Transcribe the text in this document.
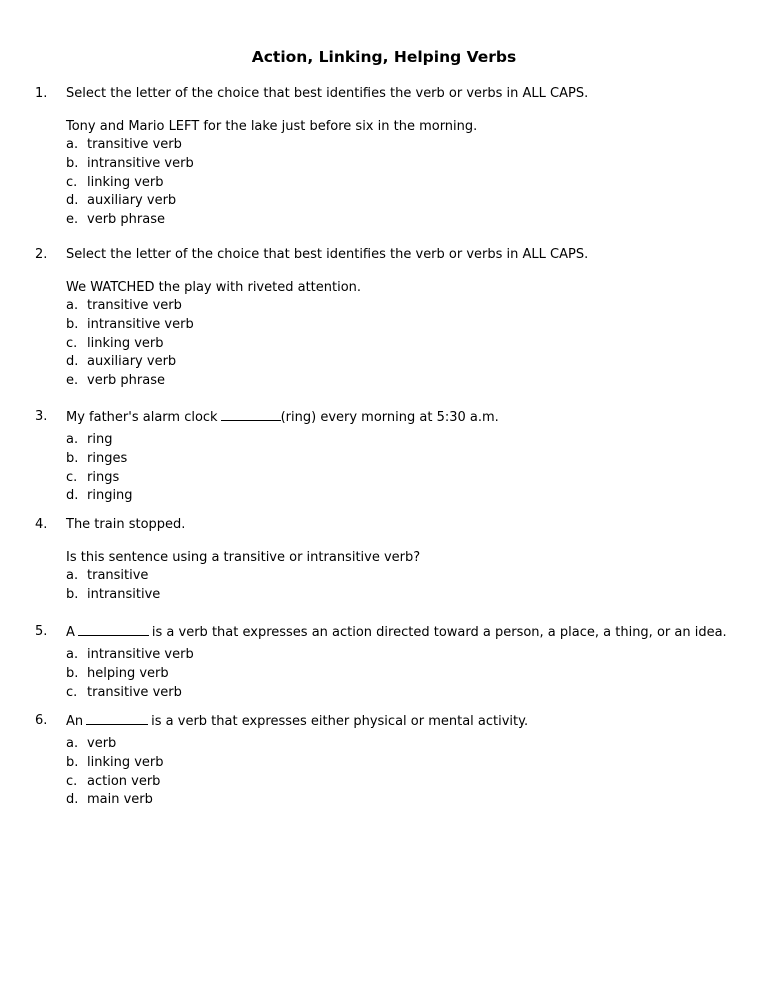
Action, Linking, Helping Verbs
1. Select the letter of the choice that best identifies the verb or verbs in ALL CAPS.
Tony and Mario LEFT for the lake just before six in the morning.
a. transitive verb
b. intransitive verb
c. linking verb
d. auxiliary verb
e. verb phrase
2. Select the letter of the choice that best identifies the verb or verbs in ALL CAPS.
We WATCHED the play with riveted attention.
a. transitive verb
b. intransitive verb
c. linking verb
d. auxiliary verb
e. verb phrase
3. My father's alarm clock	(ring) every morning at 5:30 a.m.
a. ring
b. ringes
c. rings
d. ringing
4. The train stopped.
Is this sentence using a transitive or intransitive verb?
a. transitive
b. intransitive
5. A	is a verb that expresses an action directed toward a person, a place, a thing, or an idea.
a. intransitive verb
b. helping verb
c. transitive verb
6. An	is a verb that expresses either physical or mental activity.
a. verb
b. linking verb
c. action verb
d. main verb
